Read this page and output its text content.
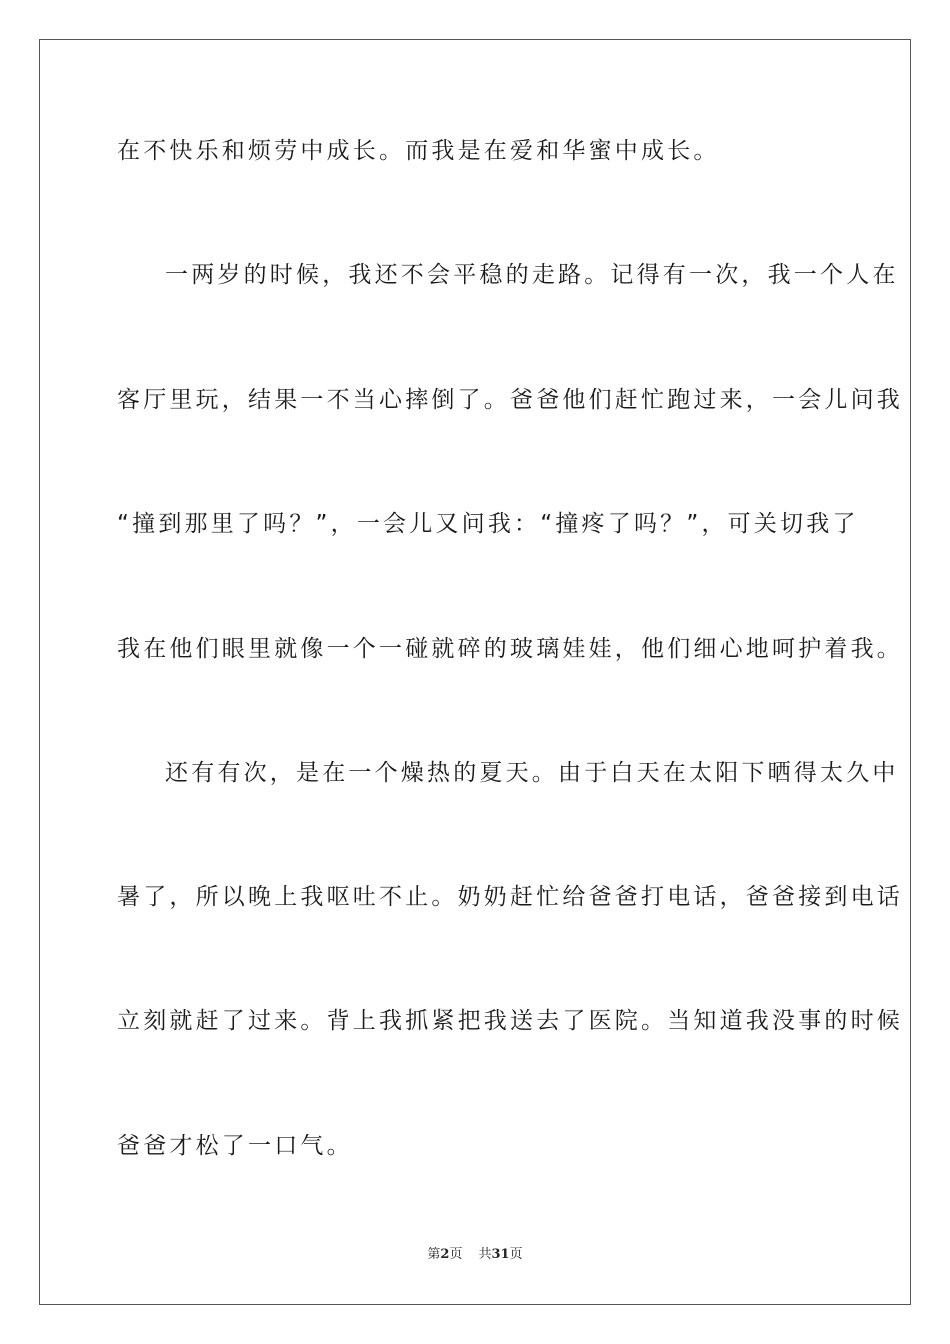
在不快乐和烦劳中成长。而我是在爱和华蜜中成长。
一两岁的时候，我还不会平稳的走路。记得有一次，我一个人在
客厅里玩，结果一不当心摔倒了。爸爸他们赶忙跑过来，一会儿问我
“撞到那里了吗？”，一会儿又问我：“撞疼了吗？”，可关切我了
我在他们眼里就像一个一碰就碎的玻璃娃娃，他们细心地呵护着我。
还有有次，是在一个燥热的夏天。由于白天在太阳下晒得太久中
暑了，所以晚上我呕吐不止。奶奶赶忙给爸爸打电话，爸爸接到电话
立刻就赶了过来。背上我抓紧把我送去了医院。当知道我没事的时候
爸爸才松了一口气。
第2页 共31页
